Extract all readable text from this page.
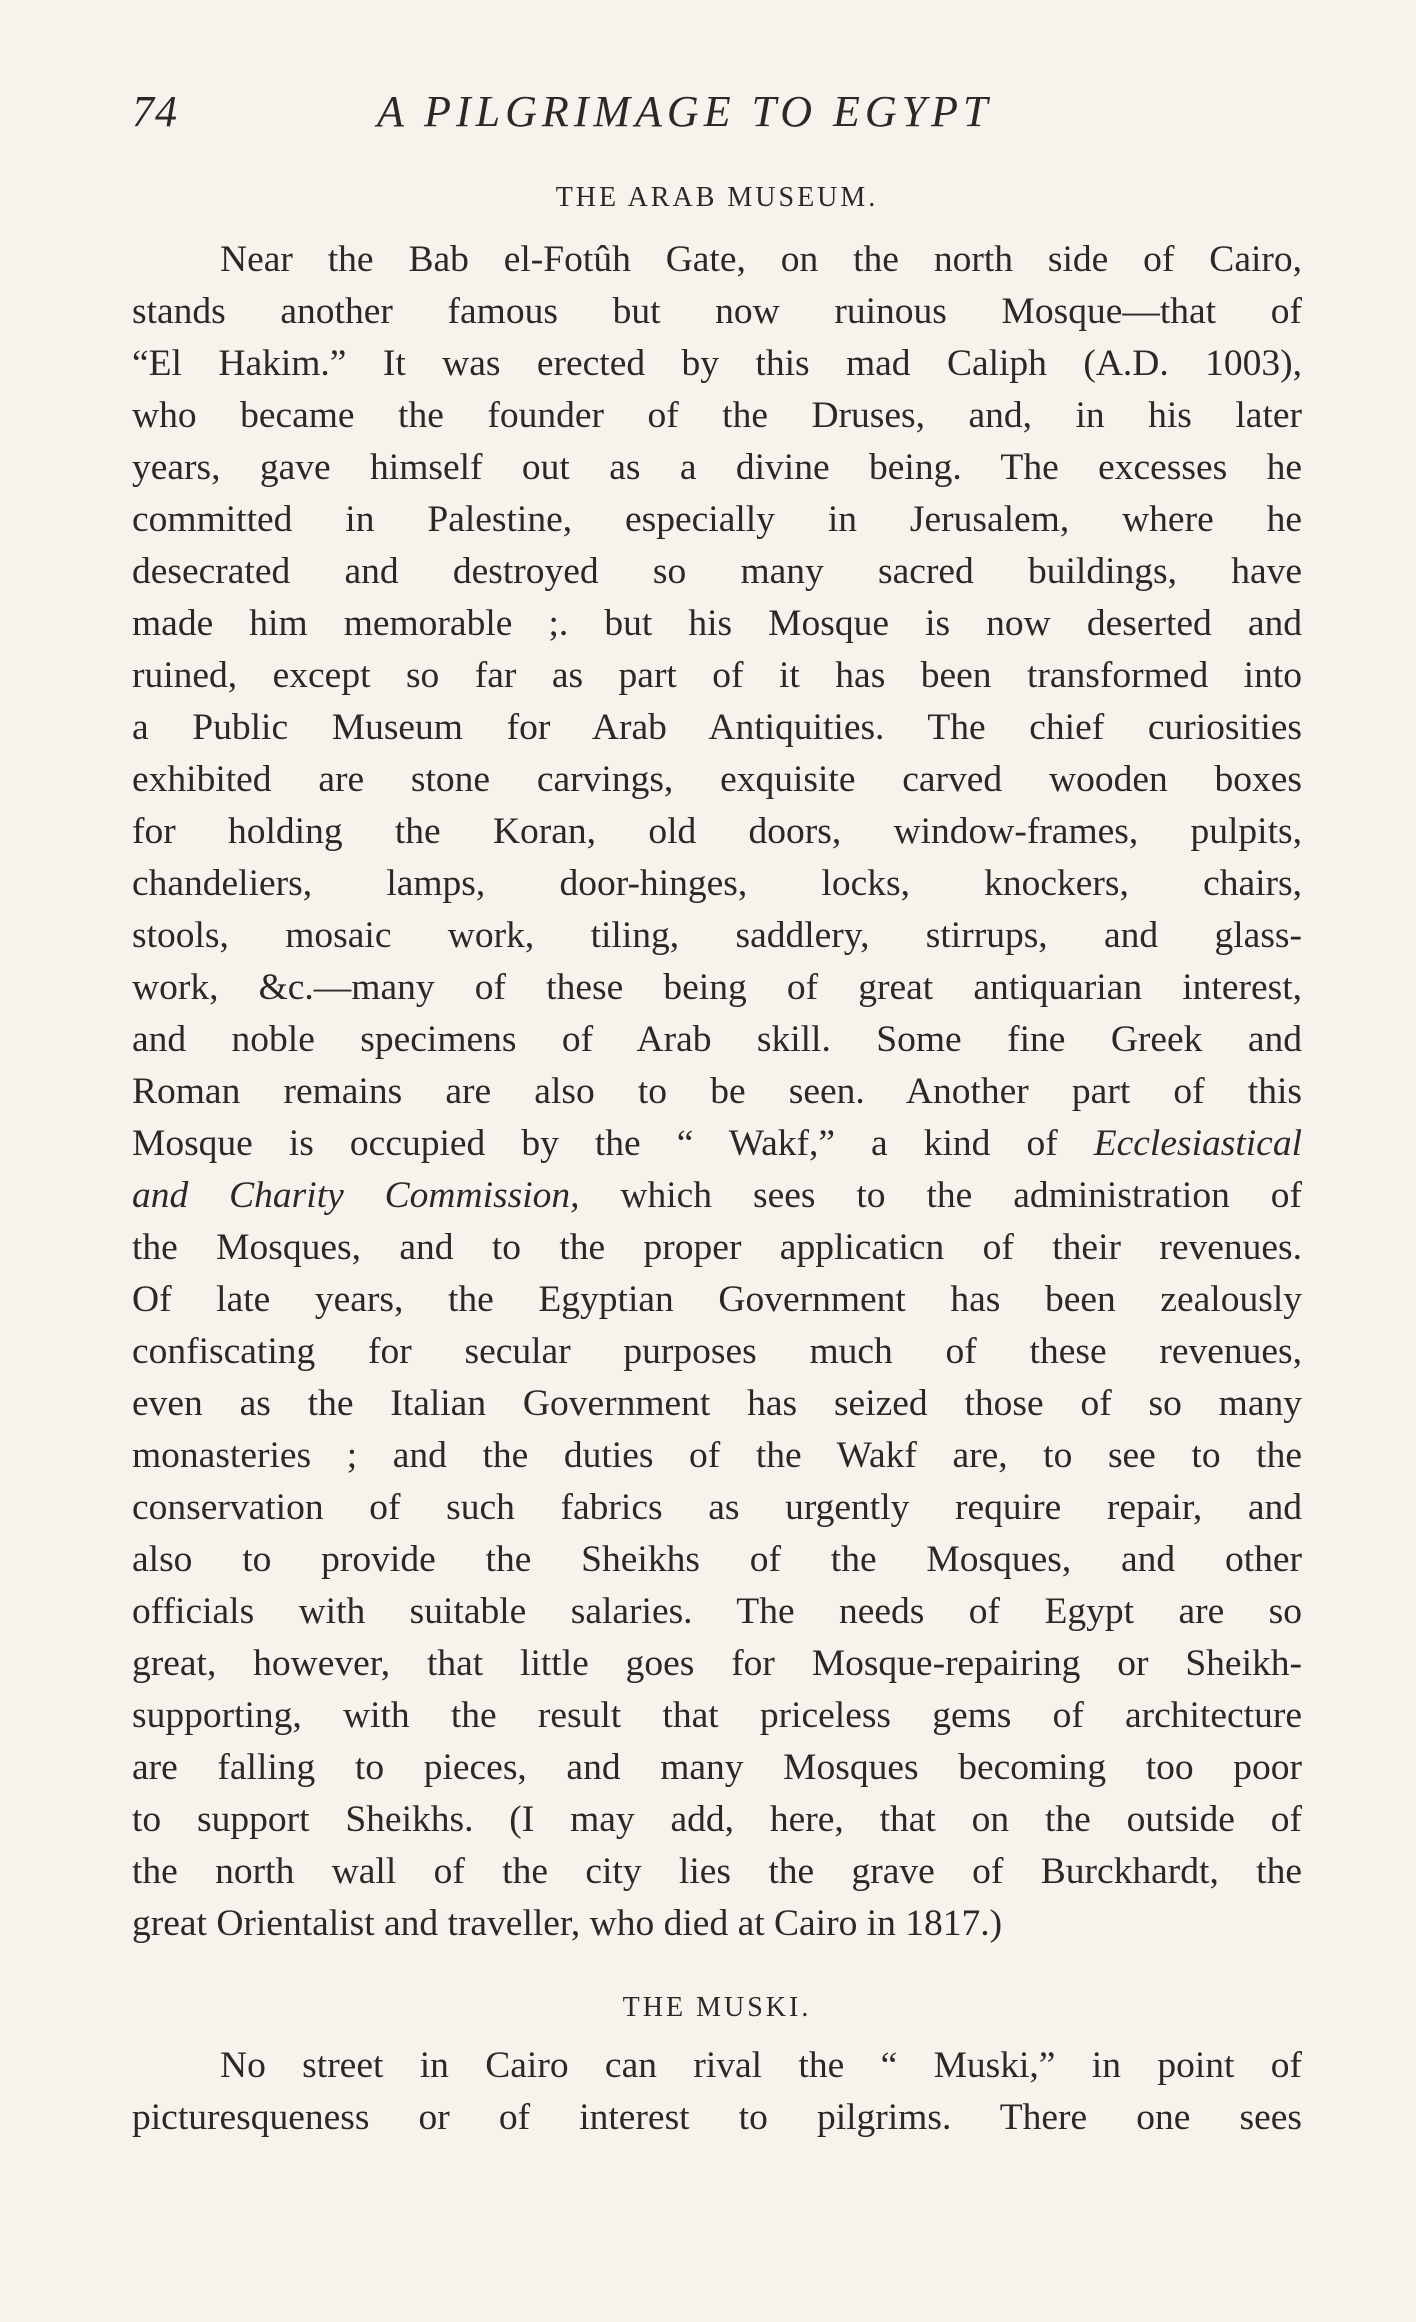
74	A PILGRIMAGE TO EGYPT
THE ARAB MUSEUM.
Near the Bab el-Fotûh Gate, on the north side of Cairo,
stands another famous but now ruinous Mosque—that of
“El Hakim.” It was erected by this mad Caliph (A.D. 1003),
who became the founder of the Druses, and, in his later
years, gave himself out as a divine being. The excesses he
committed in Palestine, especially in Jerusalem, where he
desecrated and destroyed so many sacred buildings, have
made him memorable ;. but his Mosque is now deserted and
ruined, except so far as part of it has been transformed into
a Public Museum for Arab Antiquities. The chief curiosities
exhibited are stone carvings, exquisite carved wooden boxes
for holding the Koran, old doors, window-frames, pulpits,
chandeliers, lamps, door-hinges, locks, knockers, chairs,
stools, mosaic work, tiling, saddlery, stirrups, and glass-
work, &c.—many of these being of great antiquarian interest,
and noble specimens of Arab skill. Some fine Greek and
Roman remains are also to be seen. Another part of this
Mosque is occupied by the “ Wakf,” a kind of Ecclesiastical
and Charity Commission, which sees to the administration of
the Mosques, and to the proper applicaticn of their revenues.
Of late years, the Egyptian Government has been zealously
confiscating for secular purposes much of these revenues,
even as the Italian Government has seized those of so many
monasteries ; and the duties of the Wakf are, to see to the
conservation of such fabrics as urgently require repair, and
also to provide the Sheikhs of the Mosques, and other
officials with suitable salaries. The needs of Egypt are so
great, however, that little goes for Mosque-repairing or Sheikh-
supporting, with the result that priceless gems of architecture
are falling to pieces, and many Mosques becoming too poor
to support Sheikhs. (I may add, here, that on the outside of
the north wall of the city lies the grave of Burckhardt, the
great Orientalist and traveller, who died at Cairo in 1817.)
THE MUSKI.
No street in Cairo can rival the “ Muski,” in point of
picturesqueness or of interest to pilgrims. There one sees
